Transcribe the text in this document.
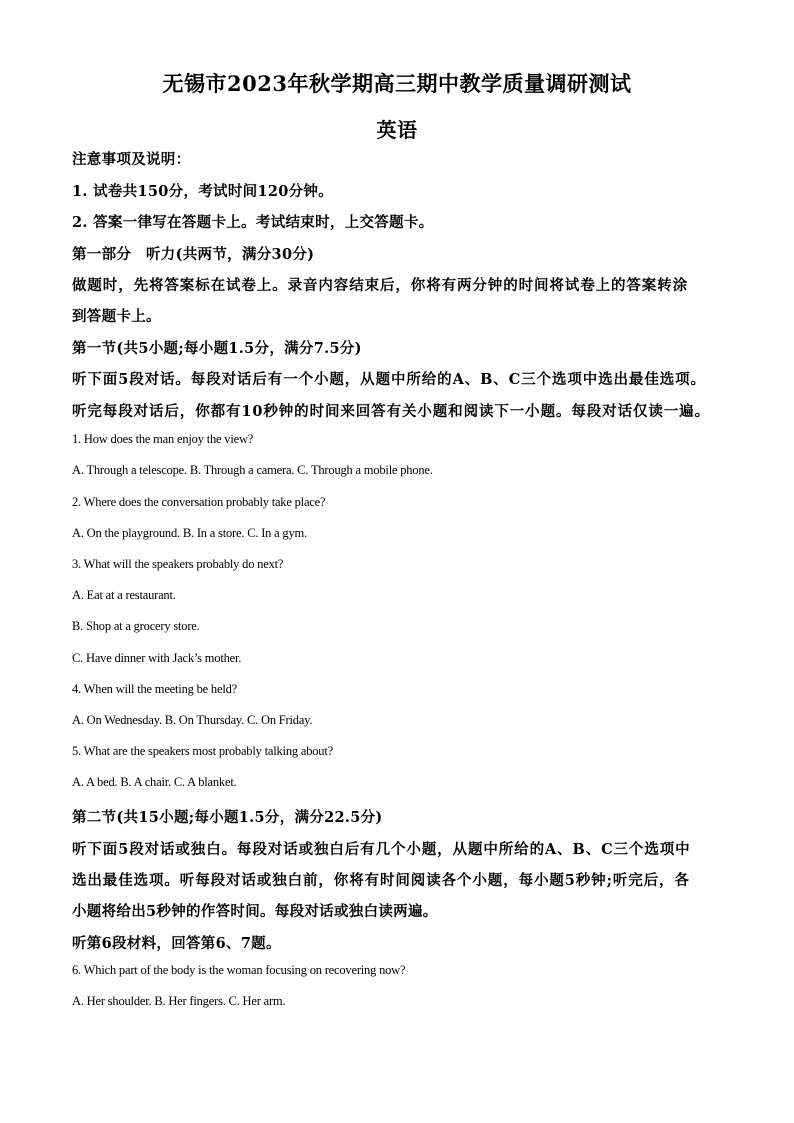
无锡市2023年秋学期高三期中教学质量调研测试
英语
注意事项及说明：
1. 试卷共150分，考试时间120分钟。
2. 答案一律写在答题卡上。考试结束时，上交答题卡。
第一部分　听力(共两节，满分30分)
做题时，先将答案标在试卷上。录音内容结束后，你将有两分钟的时间将试卷上的答案转涂
到答题卡上。
第一节(共5小题;每小题1.5分，满分7.5分)
听下面5段对话。每段对话后有一个小题，从题中所给的A、B、C三个选项中选出最佳选项。
听完每段对话后，你都有10秒钟的时间来回答有关小题和阅读下一小题。每段对话仅读一遍。
1. How does the man enjoy the view?
A. Through a telescope. B. Through a camera. C. Through a mobile phone.
2. Where does the conversation probably take place?
A. On the playground. B. In a store. C. In a gym.
3. What will the speakers probably do next?
A. Eat at a restaurant.
B. Shop at a grocery store.
C. Have dinner with Jack’s mother.
4. When will the meeting be held?
A. On Wednesday. B. On Thursday. C. On Friday.
5. What are the speakers most probably talking about?
A. A bed. B. A chair. C. A blanket.
第二节(共15小题;每小题1.5分，满分22.5分)
听下面5段对话或独白。每段对话或独白后有几个小题，从题中所给的A、B、C三个选项中
选出最佳选项。听每段对话或独白前，你将有时间阅读各个小题，每小题5秒钟;听完后，各
小题将给出5秒钟的作答时间。每段对话或独白读两遍。
听第6段材料，回答第6、7题。
6. Which part of the body is the woman focusing on recovering now?
A. Her shoulder. B. Her fingers. C. Her arm.
